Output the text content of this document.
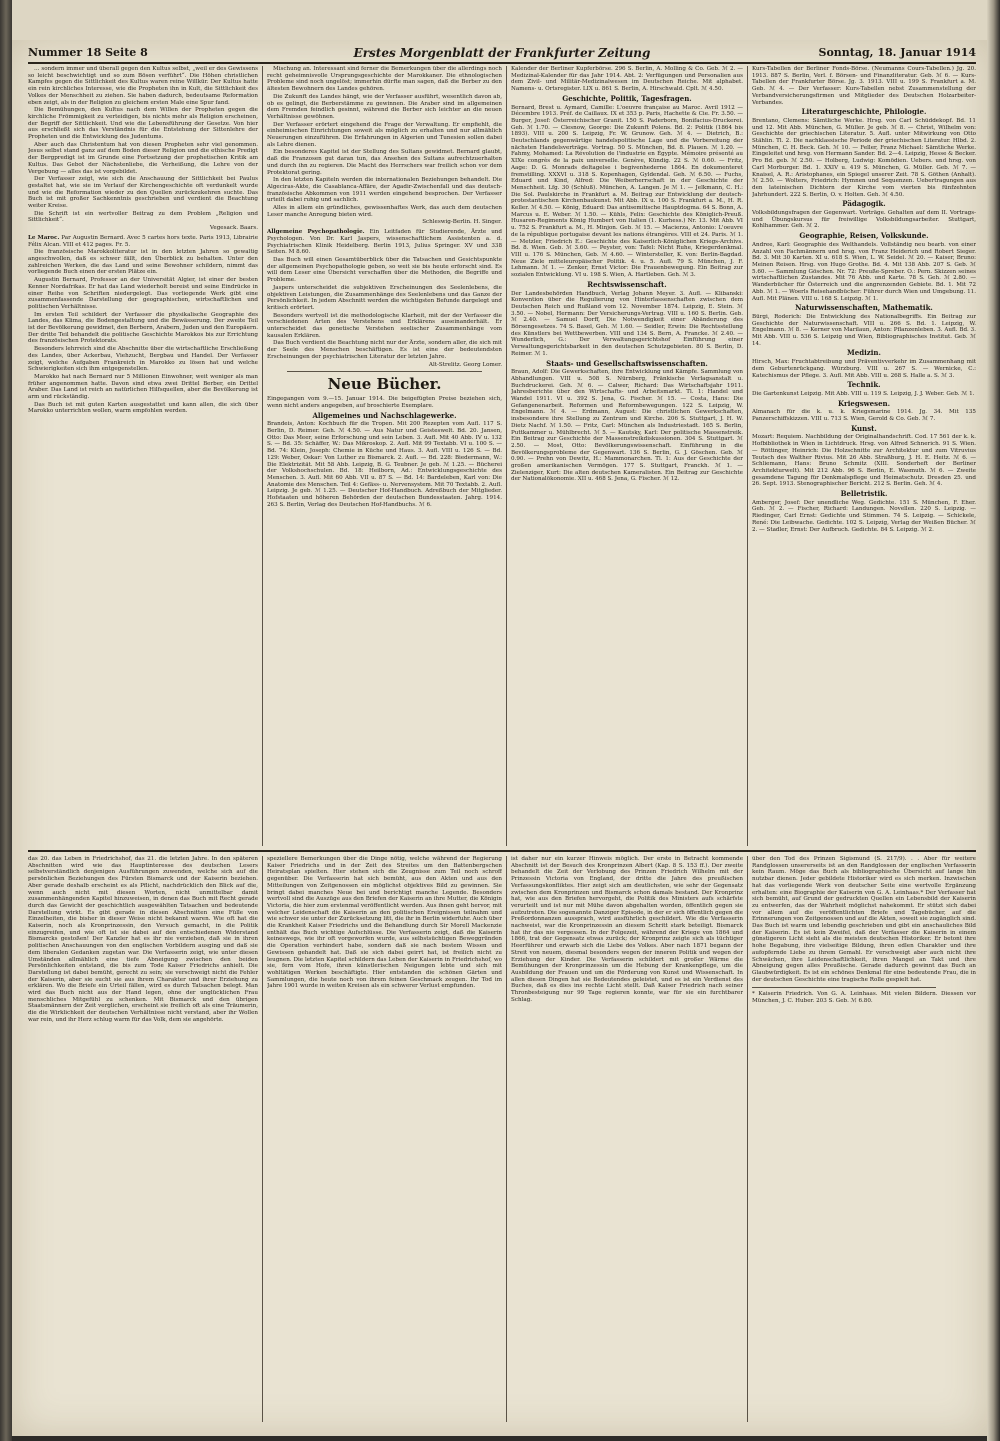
Nummer 18 Seite 8	Erstes Morgenblatt der Frankfurter Zeitung	Sonntag, 18. Januar 1914

… sondern immer und überall gegen den Kultus selbst, „weil er des Gewissens so leicht beschwichtigt und so zum Bösen verführt“. Die Höhen christlichen Kampfes gegen die Sittlichkeit des Kultus waren reine Willkür. Der Kultus hatte ein rein kirchliches Interesse, wie die Propheten ihn in Kult, die Sittlichkeit des Volkes der Menschheit zu ziehen. Sie haben dadurch, bedeutsame Reformation eben zeigt, als in der Religion zu gleichem ersten Male eine Spur fand.

Die Bemühungen, den Kultus nach dem Willen der Propheten gegen die kirchliche Frömmigkeit zu verteidigen, bis nichts mehr als Religion erscheinen, der Begriff der Sittlichkeit. Und wie die Lebensführung der Gesetze. Von hier aus erschließt sich das Verständnis für die Entstehung der Sittenlehre der Propheten und die Entwicklung des Judentums.

Aber auch das Christentum hat von diesen Propheten sehr viel genommen. Jesus selbst stand ganz auf dem Boden dieser Religion und die ethische Predigt der Bergpredigt ist im Grunde eine Fortsetzung der prophetischen Kritik am Kultus. Das Gebot der Nächstenliebe, die Verheißung, die Lehre von der Vergebung — alles das ist vorgebildet.

Der Verfasser zeigt, wie sich die Anschauung der Sittlichkeit bei Paulus gestaltet hat, wie sie im Verlauf der Kirchengeschichte oft verdunkelt wurde und wie die Reformation wieder zu den Quellen zurückzukehren suchte. Das Buch ist mit großer Sachkenntnis geschrieben und verdient die Beachtung weiter Kreise.

Die Schrift ist ein wertvoller Beitrag zu dem Problem „Religion und Sittlichkeit“.

Vegesack. Baars.

Le Maroc. Par Augustin Bernard. Avec 5 cartes hors texte. Paris 1913, Librairie Félix Alcan. VIII et 412 pages. Fr. 5.

Die französische Marokkoliteratur ist in den letzten Jahren so gewaltig angeschwollen, daß es schwer fällt, den Überblick zu behalten. Unter den zahlreichen Werken, die das Land und seine Bewohner schildern, nimmt das vorliegende Buch einen der ersten Plätze ein.

Augustin Bernard, Professor an der Universität Algier, ist einer der besten Kenner Nordafrikas. Er hat das Land wiederholt bereist und seine Eindrücke in einer Reihe von Schriften niedergelegt. Das vorliegende Werk gibt eine zusammenfassende Darstellung der geographischen, wirtschaftlichen und politischen Verhältnisse.

Im ersten Teil schildert der Verfasser die physikalische Geographie des Landes, das Klima, die Bodengestaltung und die Bewässerung. Der zweite Teil ist der Bevölkerung gewidmet, den Berbern, Arabern, Juden und den Europäern. Der dritte Teil behandelt die politische Geschichte Marokkos bis zur Errichtung des französischen Protektorats.

Besonders lehrreich sind die Abschnitte über die wirtschaftliche Erschließung des Landes, über Ackerbau, Viehzucht, Bergbau und Handel. Der Verfasser zeigt, welche Aufgaben Frankreich in Marokko zu lösen hat und welche Schwierigkeiten sich ihm entgegenstellen.

Marokko hat nach Bernard nur 5 Millionen Einwohner, weit weniger als man früher angenommen hatte. Davon sind etwa zwei Drittel Berber, ein Drittel Araber. Das Land ist reich an natürlichen Hilfsquellen, aber die Bevölkerung ist arm und rückständig.

Das Buch ist mit guten Karten ausgestattet und kann allen, die sich über Marokko unterrichten wollen, warm empfohlen werden.

Mischung an. Interessant sind ferner die Bemerkungen über die allerdings noch recht geheimnisvolle Ursprungsgeschichte der Marokkaner. Die ethnologischen Probleme sind noch ungelöst; immerhin dürfte man sagen, daß die Berber zu den ältesten Bewohnern des Landes gehören.

Die Zukunft des Landes hängt, wie der Verfasser ausführt, wesentlich davon ab, ob es gelingt, die Berberstämme zu gewinnen. Die Araber sind im allgemeinen dem Fremden feindlich gesinnt, während die Berber sich leichter an die neuen Verhältnisse gewöhnen.

Der Verfasser erörtert eingehend die Frage der Verwaltung. Er empfiehlt, die einheimischen Einrichtungen soweit als möglich zu erhalten und nur allmählich Neuerungen einzuführen. Die Erfahrungen in Algerien und Tunesien sollen dabei als Lehre dienen.

Ein besonderes Kapitel ist der Stellung des Sultans gewidmet. Bernard glaubt, daß die Franzosen gut daran tun, das Ansehen des Sultans aufrechtzuerhalten und durch ihn zu regieren. Die Macht des Herrschers war freilich schon vor dem Protektorat gering.

In den letzten Kapiteln werden die internationalen Beziehungen behandelt. Die Algeciras-Akte, die Casablanca-Affäre, der Agadir-Zwischenfall und das deutsch-französische Abkommen von 1911 werden eingehend besprochen. Der Verfasser urteilt dabei ruhig und sachlich.

Alles in allem ein gründliches, gewissenhaftes Werk, das auch dem deutschen Leser manche Anregung bieten wird.

Schleswig-Berlin. H. Singer.

Allgemeine Psychopathologie. Ein Leitfaden für Studierende, Ärzte und Psychologen. Von Dr. Karl Jaspers, wissenschaftlichem Assistenten a. d. Psychiatrischen Klinik Heidelberg. Berlin 1913, Julius Springer. XV und 338 Seiten. M 8.60.

Das Buch will einen Gesamtüberblick über die Tatsachen und Gesichtspunkte der allgemeinen Psychopathologie geben, so weit sie bis heute erforscht sind. Es will dem Leser eine Übersicht verschaffen über die Methoden, die Begriffe und Probleme.

Jaspers unterscheidet die subjektiven Erscheinungen des Seelenlebens, die objektiven Leistungen, die Zusammenhänge des Seelenlebens und das Ganze der Persönlichkeit. In jedem Abschnitt werden die wichtigsten Befunde dargelegt und kritisch erörtert.

Besonders wertvoll ist die methodologische Klarheit, mit der der Verfasser die verschiedenen Arten des Verstehens und Erklärens auseinanderhält. Er unterscheidet das genetische Verstehen seelischer Zusammenhänge vom kausalen Erklären.

Das Buch verdient die Beachtung nicht nur der Ärzte, sondern aller, die sich mit der Seele des Menschen beschäftigen. Es ist eine der bedeutendsten Erscheinungen der psychiatrischen Literatur der letzten Jahre.

Alt-Strelitz. Georg Lomer.

Neue Bücher.

Eingegangen vom 9.—15. Januar 1914. Die beigefügten Preise beziehen sich, wenn nicht anders angegeben, auf broschierte Exemplare.

Allgemeines und Nachschlagewerke.

Brandeis, Anton: Kochbuch für die Tropen. Mit 200 Rezepten vom Aufl. 117 S. Berlin, D. Reimer. Geh. ℳ 4.50. — Aus Natur und Geisteswelt. Bd. 20. Jansen, Otto: Das Meer, seine Erforschung und sein Leben. 3. Aufl. Mit 40 Abb. IV u. 132 S. — Bd. 35: Schäffer, W.: Das Mikroskop. 2. Aufl. Mit 99 Textabb. VI u. 100 S. — Bd. 74: Klein, Joseph: Chemie in Küche und Haus. 3. Aufl. VIII u. 126 S. — Bd. 129: Weber, Oskar: Von Luther zu Bismarck. 2. Aufl. — Bd. 228: Biedermann, W.: Die Elektrizität. Mit 58 Abb. Leipzig, B. G. Teubner. Je geb. ℳ 1.25. — Bücherei der Volkshochschulen. Bd. 18: Heilborn, Ad.: Entwicklungsgeschichte des Menschen. 3. Aufl. Mit 60 Abb. VII u. 87 S. — Bd. 14: Bardeleben, Karl von: Die Anatomie des Menschen. Teil 4: Gefäss- u. Nervensystem. Mit 70 Textabb. 2. Aufl. Leipzig. Je geb. ℳ 1.25. — Deutscher Hof-Handbuch. Adreßbuch der Mitglieder. Hofstaaten und höheren Behörden der deutschen Bundesstaaten. Jahrg. 1914. 263 S. Berlin, Verlag des Deutschen Hof-Handbuchs. ℳ 6.

Kalender der Berliner Kupferbörse. 296 S. Berlin, A. Molling & Co. Geb. ℳ 2. — Medizinal-Kalender für das Jahr 1914. Abt. 2: Verfügungen und Personalien aus dem Zivil- und Militär-Medizinalwesen im Deutschen Reiche. Mit alphabet. Namens- u. Ortsregister. LIX u. 861 S. Berlin, A. Hirschwald. Cplt. ℳ 4.50.

Geschichte, Politik, Tagesfragen.

Bernard, Brest u. Aymard, Camille: L'oeuvre française au Maroc. Avril 1912 — Décembre 1913. Préf. de Caillaux. IX et 353 p. Paris, Hachette & Cie. Fr. 3.50. — Burger, Josef: Österreichischer Granit. 150 S. Paderborn, Bonifacius-Druckerei. Geh. ℳ 1.70. — Clesnow, George: Die Zukunft Polens. Bd. 2: Politik (1864 bis 1893). VIII u. 200 S. Leipzig, Fr. W. Grunow. Geh. ℳ 4. — Dietrich, B.: Deutschlands gegenwärtige handelspolitische Lage und die Vorbereitung der nächsten Handelsverträge. Vortrag. 50 S. München, Bd. 8. Plauen. ℳ 1.20. — Fahmy, Mohamed: La Révolution de l'industrie en Égypte. Mémoire présenté au XIXe congrès de la paix universelle. Genève, Kündig. 22 S. ℳ 0.60. — Fritz, Aage: D. G. Monrads deltagelse i begivenhederne 1864. En dokumenteret fremstilling. XXXVI u. 318 S. Kopenhagen, Gyldendal. Geh. ℳ 6.50. — Fuchs, Eduard und Kind, Alfred: Die Weiberherrschaft in der Geschichte der Menschheit. Lfg. 30 (Schluß). München, A. Langen. Je ℳ 1. — Jelkmann, C. H.: Die Sol. Paulskirche in Frankfurt a. M. Beitrag zur Entwicklung der deutsch-protestantischen Kirchenbaukunst. Mit Abb. IX u. 100 S. Frankfurt a. M., H. R. Keller. ℳ 4.50. — König, Eduard: Das antisemitische Hauptdogma. 64 S. Bonn, A. Marcus u. E. Weber. ℳ 1.50. — Kühls, Felix: Geschichte des Königlich-Preuß. Husaren-Regiments König Humbert von Italien (1. Kurhess.) Nr. 13. Mit Abb. VI u. 752 S. Frankfurt a. M., H. Minjon. Geb. ℳ 15. — Macierza, Antonio: L'oeuvre de la république portugaise devant les nations étrangères. VIII et 24. Paris. ℳ 1. — Metzler, Friedrich E.: Geschichte des Kaiserlich-Königlichen Kriegs-Archivs. Bd. 8. Wien. Geb. ℳ 3.60. — Peyster, von: Tafel: Nicht Ruhe, Kriegerdenkmal. VIII u. 176 S. München, Geb. ℳ 4.60. — Wintersteller, K. von: Berlin-Bagdad. Neue Ziele mitteleuropäischer Politik. 4. u. 5. Aufl. 79 S. München, J. F. Lehmann. ℳ 1. — Zenker, Ernst Victor: Die Frauenbewegung. Ein Beitrag zur sozialen Entwicklung. VI u. 198 S. Wien, A. Hartleben. Geh. ℳ 3.

Rechtswissenschaft.

Der Landesbehörden Handbuch, Verlag Johann Meyer. 3. Aufl. — Klibanski: Konvention über die Regulierung von Hinterlassenschaften zwischen dem Deutschen Reich und Rußland vom 12. November 1874. Leipzig, E. Stein. ℳ 3.50. — Nobel, Hermann: Der Versicherungs-Vertrag. VIII u. 160 S. Berlin. Geb. ℳ 2.40. — Samuel Dorff, Die Notwendigkeit einer Abänderung des Börsengesetzes. 74 S. Basel, Geh. ℳ 1.60. — Seidler, Erwin: Die Rechtsstellung des Künstlers bei Wettbewerben. VIII und 134 S. Bern, A. Francke. ℳ 2.40. — Wunderlich, G.: Der Verwaltungsgerichtshof Einführung einer Verwaltungsgerichtsbarkeit in den deutschen Schutzgebieten. 80 S. Berlin, D. Reimer. ℳ 1.

Staats- und Gesellschaftswissenschaften.

Braun, Adolf: Die Gewerkschaften, ihre Entwicklung und Kämpfe. Sammlung von Abhandlungen. VIII u. 508 S. Nürnberg, Fränkische Verlagsanstalt u. Buchdruckerei. Geh. ℳ 6. — Calwer, Richard: Das Wirtschaftsjahr 1911. Jahresberichte über den Wirtschafts- und Arbeitsmarkt. Tl. 1: Handel und Wandel 1911. VI u. 392 S. Jena, G. Fischer. ℳ 15. — Costa, Hans: Die Gefangenenarbeit. Reformen und Reformbewegungen. 122 S. Leipzig, W. Engelmann. ℳ 4. — Erdmann, August: Die christlichen Gewerkschaften, insbesondere ihre Stellung zu Zentrum und Kirche. 206 S. Stuttgart, J. H. W. Dietz Nachf. ℳ 1.50. — Fritz, Carl: München als Industriestadt. 165 S. Berlin, Puttkammer u. Mühlbrecht. ℳ 5. — Kautsky, Karl: Der politische Massenstreik. Ein Beitrag zur Geschichte der Massenstreikdiskussionen. 304 S. Stuttgart. ℳ 2.50. — Most, Otto: Bevölkerungswissenschaft. Einführung in die Bevölkerungsprobleme der Gegenwart. 136 S. Berlin, G. J. Göschen. Geb. ℳ 0.90. — Prehn von Dewitz, H.: Mammonarchen. Tl. 1: Aus der Geschichte der großen amerikanischen Vermögen. 177 S. Stuttgart, Franckh. ℳ 1. — Zielenziger, Kurt: Die alten deutschen Kameralisten. Ein Beitrag zur Geschichte der Nationalökonomie. XII u. 468 S. Jena, G. Fischer. ℳ 12.

Kurs-Tabellen der Berliner Fonds-Börse. (Neumanns Cours-Tabellen.) Jg. 20. 1913. 887 S. Berlin, Verl. f. Börsen- und Finanzliteratur. Geb. ℳ 6. — Kurs-Tabellen der Frankfurter Börse. Jg. 3. 1913. VIII u. 199 S. Frankfurt a. M. Geb. ℳ 4. — Der Verfasser: Kurs-Tabellen nebst Zusammenstellung der Verbandversicherungsfirmen und Mitglieder des Deutschen Holzarbeiter-Verbandes.

Literaturgeschichte, Philologie.

Brentano, Clemens: Sämtliche Werke. Hrsg. von Carl Schüddekopf. Bd. 11 und 12. Mit Abb. München, G. Müller. Je geb. ℳ 8. — Christ, Wilhelm von: Geschichte der griechischen Literatur. 5. Aufl. unter Mitwirkung von Otto Stählin. Tl. 2. Die nachklassische Periode der griechischen Literatur. Hlbd. 2. München, C. H. Beck. Geh. ℳ 10. — Feller, Franz Michael: Sämtliche Werke. Eingeleitet und hrsg. von Hermann Sander. Bd. 2—4. Leipzig, Hesse & Becker. Pro Bd. geb. ℳ 2.50. — Holberg, Ludwig: Komödien. Uebers. und hrsg. von Carl Morburger. Bd. 1. XXIV u. 419 S. München, G. Müller. Geb. ℳ 7. — Knaisel, A. R.: Aristophanes, ein Spiegel unserer Zeit. 78 S. Göthen (Anhalt). ℳ 2.50. — Wolters, Friedrich: Hymnen und Sequenzen. Uebertragungen aus den lateinischen Dichtern der Kirche vom vierten bis fünfzehnten Jahrhundert. 222 S. Berlin, O. v. Holten. Geh. ℳ 4.50.

Pädagogik.

Volksbildungsfragen der Gegenwart. Vorträge. Gehalten auf dem II. Vortrags- und Übungskursus für freiwillige Volksbildungsarbeiter. Stuttgart, Kohlhammer. Geh. ℳ 2.

Geographie, Reisen, Volkskunde.

Andree, Karl: Geographie des Welthandels. Vollständig neu bearb. von einer Anzahl von Fachmännern und hrsg. von Franz Heiderich und Robert Sieger. Bd. 3. Mit 30 Karten. XI u. 618 S. Wien, L. W. Seidel. ℳ 20. — Kaiser, Bruno: Meinen Reisen. Hrsg. von Hugo Grothe. Bd. 4. Mit 138 Abb. 207 S. Geb. ℳ 5.60. — Sammlung Göschen. Nr. 72: Preuße-Spreber. O.: Pern. Skizzen seines wirtschaftlichen Zustandes. Mit 76 Abb. und Karte. 78 S. Geh. ℳ 2.80. — Wanderbücher für Österreich und die angrenzenden Gebiete. Bd. 1. Mit 72 Abb. ℳ 1. — Woerls Reisehandbücher: Führer durch Wien und Umgebung. 11. Aufl. Mit Plänen. VIII u. 168 S. Leipzig. ℳ 1.

Naturwissenschaften, Mathematik.

Bürgi, Roderich: Die Entwicklung des Nationalbegriffs. Ein Beitrag zur Geschichte der Naturwissenschaft. VIII u. 266 S. Bd. 1. Leipzig, W. Engelmann. ℳ 8. — Kerner von Marilaun, Anton: Pflanzenleben. 3. Aufl. Bd. 3. Mit Abb. VIII u. 536 S. Leipzig und Wien, Bibliographisches Institut. Geb. ℳ 14.

Medizin.

Hirsch, Max: Fruchtabtreibung und Präventivverkehr im Zusammenhang mit dem Geburtenrückgang. Würzburg. VIII u. 267 S. — Wernicke, C.: Katechismus der Pflege. 3. Aufl. Mit Abb. VIII u. 268 S. Halle a. S. ℳ 3.

Technik.

Die Gartenkunst Leipzig. Mit Abb. VIII u. 119 S. Leipzig, J. J. Weber. Geb. ℳ 1.

Kriegswesen.

Almanach für die k. u. k. Kriegsmarine 1914. Jg. 34. Mit 135 Panzerschiffskizzen. VIII u. 713 S. Wien, Gerold & Co. Geb. ℳ 7.

Kunst.

Mozart: Requiem. Nachbildung der Originalhandschrift. Cod. 17 561 der k. k. Hofbibliothek in Wien in Lichtdruck. Hrsg. von Alfred Schnerich. 91 S. Wien. — Röttinger, Heinrich: Die Holzschnitte zur Architektur und zum Vitruvius Teutsch des Walther Rivius. Mit 26 Abb. Straßburg, J. H. E. Heitz. ℳ 6. — Schliemann, Hans: Bruno Schmitz (XIII. Sonderheft der Berliner Architekturwelt). Mit 212 Abb. 96 S. Berlin, E. Wasmuth. ℳ 6. — Zweite gesamdene Tagung für Denkmalspflege und Heimatschutz. Dresden 25. und 26. Sept. 1913. Stenographischer Bericht. 212 S. Berlin. Geh. ℳ 4.

Belletristik.

Amberger, Josef: Der unendliche Weg. Gedichte. 151 S. München, F. Eher. Geh. ℳ 2. — Fischer, Richard: Landungen. Novellen. 220 S. Leipzig. — Riedinger, Carl Ernst: Gedichte und Stimmen. 74 S. Leipzig. — Schickele, René: Die Leibwache. Gedichte. 102 S. Leipzig, Verlag der Weißen Bücher. ℳ 2. — Stadler, Ernst: Der Aufbruch. Gedichte. 84 S. Leipzig. ℳ 2.

das 20. das Leben in Friedrichshof, das 21. die letzten Jahre. In den späteren Abschnitten wird wie das Hauptinteresse des deutschen Lesers selbstverständlich denjenigen Ausführungen zuwenden, welche sich auf die persönlichen Beziehungen des Fürsten Bismarck und der Kaiserin beziehen. Aber gerade deshalb erscheint es als Pflicht, nachdrücklich den Blick auf die, wenn auch nicht mit diesen Worten, nicht unmittelbar damit zusammenhängenden Kapitel hinzuweisen, in denen das Buch mit Recht gerade durch das Gewicht der geschichtlich ausgewählten Tatsachen und bedeutende Darstellung wirkt. Es gibt gerade in diesen Abschnitten eine Fülle von Einzelheiten, die bisher in dieser Weise nicht bekannt waren. Wie oft hat die Kaiserin, noch als Kronprinzessin, den Versuch gemacht, in die Politik einzugreifen, und wie oft ist sie dabei auf den entschiedenen Widerstand Bismarcks gestoßen! Der Kanzler hat es ihr nie verziehen, daß sie in ihren politischen Anschauungen von den englischen Vorbildern ausging und daß sie dem liberalen Gedanken zugetan war. Die Verfasserin zeigt, wie unter diesen Umständen allmählich eine tiefe Abneigung zwischen den beiden Persönlichkeiten entstand, die bis zum Tode Kaiser Friedrichs anhielt. Die Darstellung ist dabei bemüht, gerecht zu sein; sie verschweigt nicht die Fehler der Kaiserin, aber sie sucht sie aus ihrem Charakter und ihrer Erziehung zu erklären. Wo die Briefe ein Urteil fällen, wird es durch Tatsachen belegt. Man wird das Buch nicht aus der Hand legen, ohne der unglücklichen Frau menschliches Mitgefühl zu schenken. Mit Bismarck und den übrigen Staatsmännern der Zeit verglichen, erscheint sie freilich oft als eine Träumerin, die die Wirklichkeit der deutschen Verhältnisse nicht verstand, aber ihr Wollen war rein, und ihr Herz schlug warm für das Volk, dem sie angehörte.

speziellere Bemerkungen über die Dinge nötig, welche während der Regierung Kaiser Friedrichs und in der Zeit des Streites um den Battenbergschen Heiratsplan spielten. Hier stehen sich die Zeugnisse zum Teil noch schroff gegenüber. Die Verfasserin hat sich bemüht, aus den Akten und aus den Mitteilungen von Zeitgenossen ein möglichst objektives Bild zu gewinnen. Sie bringt dabei manches Neue bei und berichtigt manche Legende. Besonders wertvoll sind die Auszüge aus den Briefen der Kaiserin an ihre Mutter, die Königin Victoria, die hier zum erstenmal veröffentlicht werden. Aus ihnen geht hervor, mit welcher Leidenschaft die Kaiserin an den politischen Ereignissen teilnahm und wie schwer sie unter der Zurücksetzung litt, die ihr in Berlin widerfuhr. Auch über die Krankheit Kaiser Friedrichs und die Behandlung durch Sir Morell Mackenzie enthält das Buch wichtige Aufschlüsse. Die Verfasserin zeigt, daß die Kaiserin keineswegs, wie ihr oft vorgeworfen wurde, aus selbstsüchtigen Beweggründen die Operation verhindert habe, sondern daß sie nach bestem Wissen und Gewissen gehandelt hat. Daß sie sich dabei geirrt hat, ist freilich nicht zu leugnen. Die letzten Kapitel schildern das Leben der Kaiserin in Friedrichshof, wo sie, fern vom Hofe, ihren künstlerischen Neigungen lebte und sich mit wohltätigen Werken beschäftigte. Hier entstanden die schönen Gärten und Sammlungen, die heute noch von ihrem feinen Geschmack zeugen. Ihr Tod im Jahre 1901 wurde in weiten Kreisen als ein schwerer Verlust empfunden.

ist daher nur ein kurzer Hinweis möglich. Der erste in Betracht kommende Abschnitt ist der Besuch des Kronprinzen Albert (Kap. 8 S. 153 ff.). Der zweite behandelt die Zeit der Verlobung des Prinzen Friedrich Wilhelm mit der Prinzessin Victoria von England, der dritte die Jahre des preußischen Verfassungskonfliktes. Hier zeigt sich am deutlichsten, wie sehr der Gegensatz zwischen dem Kronprinzen und Bismarck schon damals bestand. Der Kronprinz hat, wie aus den Briefen hervorgeht, die Politik des Ministers aufs schärfste verurteilt und ist nur mit Mühe davon abgehalten worden, öffentlich gegen sie aufzutreten. Die sogenannte Danziger Episode, in der er sich öffentlich gegen die Preßordonnanzen aussprach, wird ausführlich geschildert. Wie die Verfasserin nachweist, war die Kronprinzessin an diesem Schritt stark beteiligt. Bismarck hat ihr das nie vergessen. In der Folgezeit, während der Kriege von 1864 und 1866, trat der Gegensatz etwas zurück; der Kronprinz zeigte sich als tüchtiger Heerführer und erwarb sich die Liebe des Volkes. Aber nach 1871 begann der Streit von neuem, diesmal besonders wegen der inneren Politik und wegen der Erziehung der Kinder. Die Verfasserin schildert mit großer Wärme die Bemühungen der Kronprinzessin um die Hebung der Krankenpflege, um die Ausbildung der Frauen und um die Förderung von Kunst und Wissenschaft. In allen diesen Dingen hat sie Bedeutendes geleistet, und es ist ein Verdienst des Buches, daß es dies ins rechte Licht stellt. Daß Kaiser Friedrich nach seiner Thronbesteigung nur 99 Tage regieren konnte, war für sie ein furchtbarer Schlag.

über den Tod des Prinzen Sigismund (S. 217/9). . . Aber für weitere Randglossen unsererseits ist an den Randglossen der englischen Verfasserin kein Raum. Möge das Buch als bibliographische Übersicht auf lange hin nutzbar dienen. Jeder gebildete Historiker wird es sich merken. Inzwischen hat das vorliegende Werk von deutscher Seite eine wertvolle Ergänzung erhalten: eine Biographie der Kaiserin von G. A. Leinhaas.* Der Verfasser hat sich bemüht, auf Grund der gedruckten Quellen ein Lebensbild der Kaiserin zu entwerfen, das der Wahrheit möglichst nahekommt. Er stützt sich dabei vor allem auf die veröffentlichten Briefe und Tagebücher, auf die Erinnerungen von Zeitgenossen und auf die Akten, soweit sie zugänglich sind. Das Buch ist warm und lebendig geschrieben und gibt ein anschauliches Bild der Kaiserin. Es ist kein Zweifel, daß der Verfasser die Kaiserin in einem günstigeren Licht sieht als die meisten deutschen Historiker. Er betont ihre hohe Begabung, ihre vielseitige Bildung, ihren edlen Charakter und ihre aufopfernde Liebe zu ihrem Gemahl. Er verschweigt aber auch nicht ihre Schwächen, ihre Leidenschaftlichkeit, ihren Mangel an Takt und ihre Abneigung gegen alles Preußische. Gerade dadurch gewinnt das Buch an Glaubwürdigkeit. Es ist ein schönes Denkmal für eine bedeutende Frau, die in der deutschen Geschichte eine tragische Rolle gespielt hat.

* Kaiserin Friedrich. Von G. A. Leinhaas. Mit vielen Bildern. Diessen vor München, J. C. Huber. 203 S. Geb. ℳ 6.80.
